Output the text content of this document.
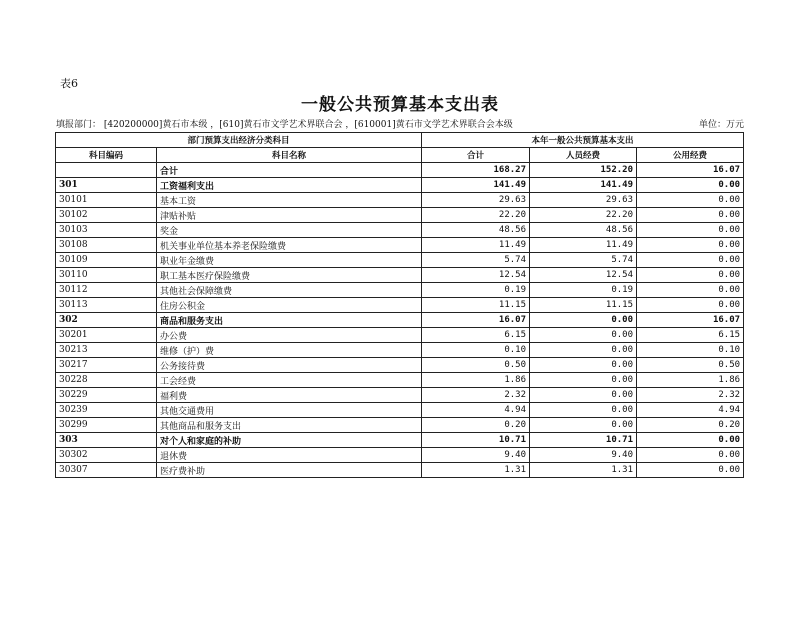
表6
一般公共预算基本支出表
填报部门： [420200000]黄石市本级 ，[610]黄石市文学艺术界联合会 ，[610001]黄石市文学艺术界联合会本级	单位：万元
部门预算支出经济分类科目		本年一般公共预算基本支出		
科目编码	科目名称	合计	人员经费	公用经费
	合计	168.27	152.20	16.07
301	工资福利支出	141.49	141.49	0.00
30101	基本工资	29.63	29.63	0.00
30102	津贴补贴	22.20	22.20	0.00
30103	奖金	48.56	48.56	0.00
30108	机关事业单位基本养老保险缴费	11.49	11.49	0.00
30109	职业年金缴费	5.74	5.74	0.00
30110	职工基本医疗保险缴费	12.54	12.54	0.00
30112	其他社会保障缴费	0.19	0.19	0.00
30113	住房公积金	11.15	11.15	0.00
302	商品和服务支出	16.07	0.00	16.07
30201	办公费	6.15	0.00	6.15
30213	维修（护）费	0.10	0.00	0.10
30217	公务接待费	0.50	0.00	0.50
30228	工会经费	1.86	0.00	1.86
30229	福利费	2.32	0.00	2.32
30239	其他交通费用	4.94	0.00	4.94
30299	其他商品和服务支出	0.20	0.00	0.20
303	对个人和家庭的补助	10.71	10.71	0.00
30302	退休费	9.40	9.40	0.00
30307	医疗费补助	1.31	1.31	0.00
